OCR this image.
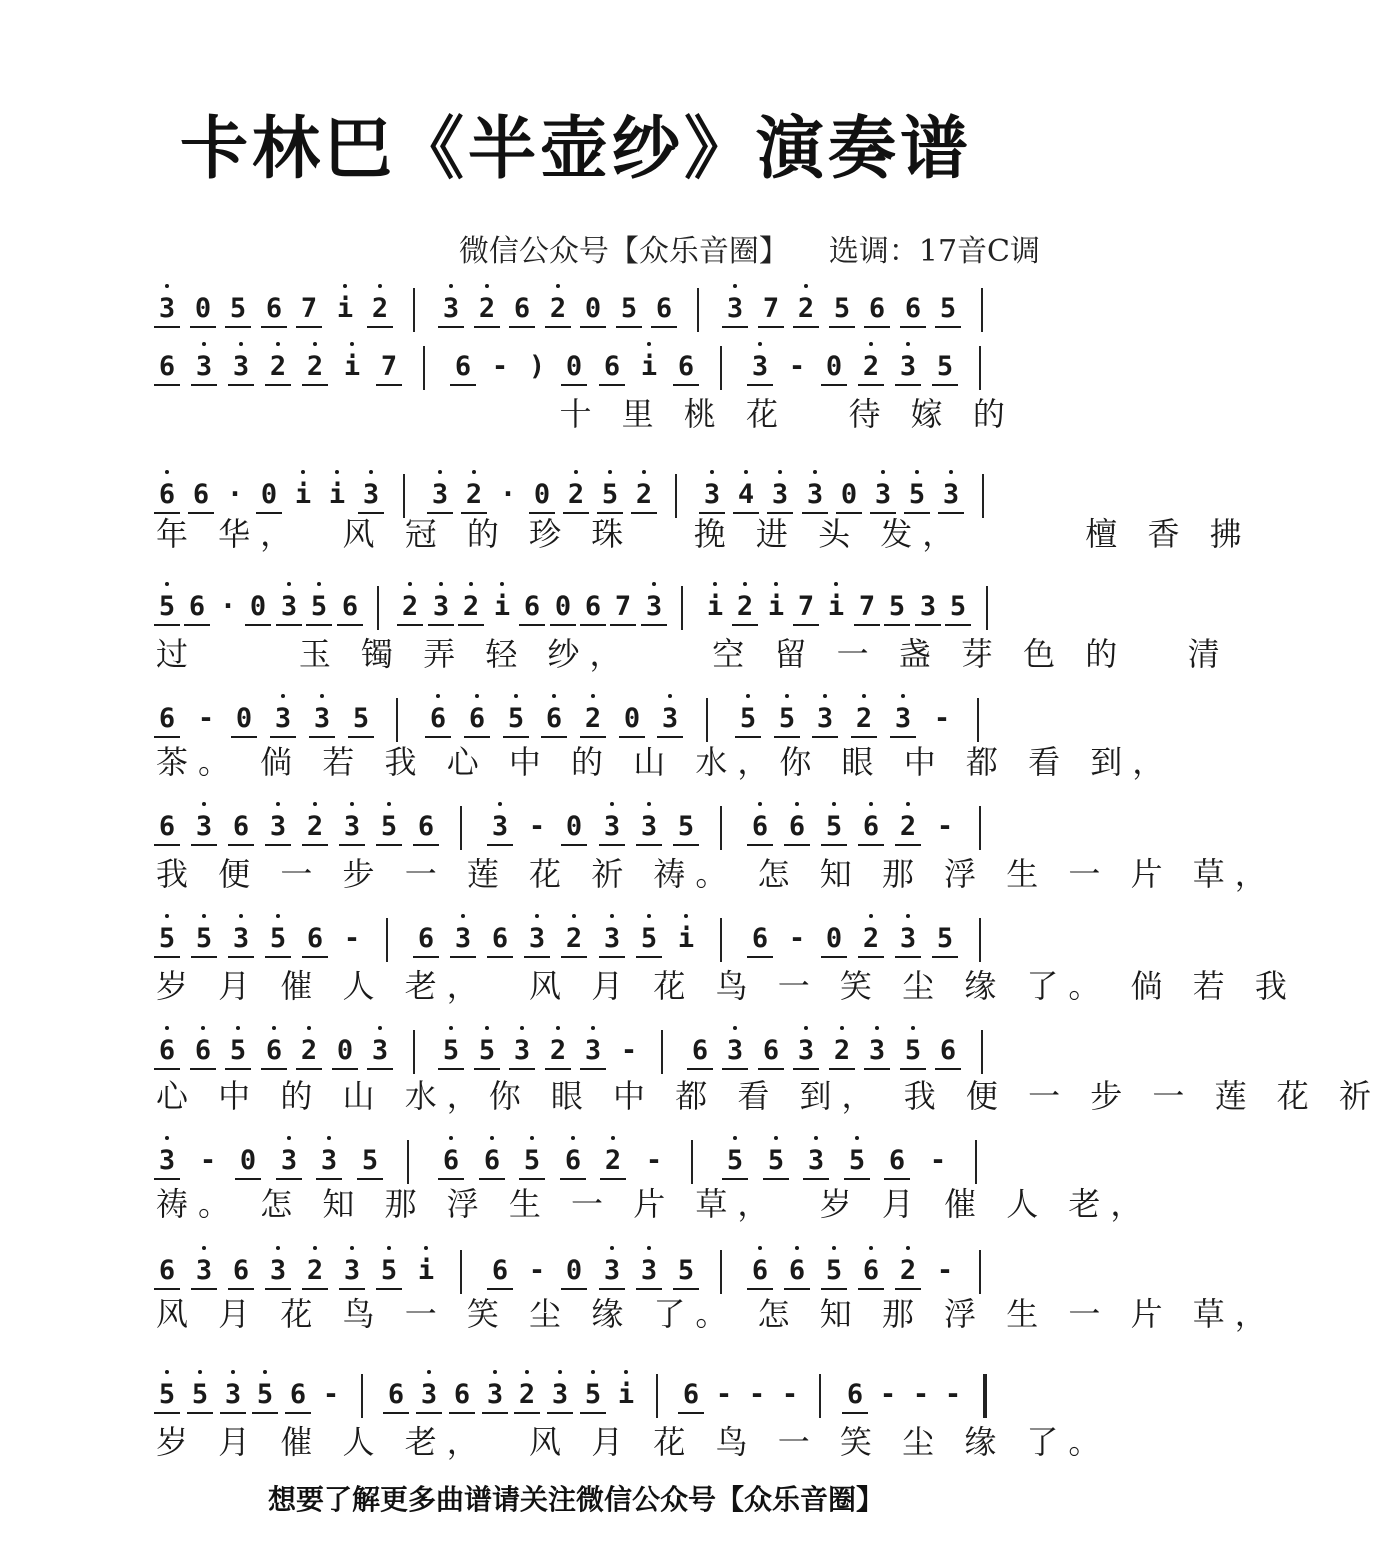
卡林巴《半壶纱》演奏谱
微信公众号【众乐音圈】 选调：17音C调
3 0 5 6 7 i 2 3 2 6 2 0 5 6 3 7 2 5 6 6 5
6 3 3 2 2 i 7 6 - ) 0 6 i 6 3 - 0 2 3 5
十 里 桃 花   待 嫁 的
6 6 · 0 i i 3 3 2 · 0 2 5 2 3 4 3 3 0 3 5 3
年 华，  风 冠 的 珍 珠   挽 进 头 发，      檀 香 拂
5 6 · 0 3 5 6 2 3 2 i 6 0 6 7 3 i 2 i 7 i 7 5 3 5
过     玉 镯 弄 轻 纱，    空 留 一 盏 芽 色 的   清
6 - 0 3 3 5 6 6 5 6 2 0 3 5 5 3 2 3 -
茶。 倘 若 我 心 中 的 山 水，你 眼 中 都 看 到，
6 3 6 3 2 3 5 6 3 - 0 3 3 5 6 6 5 6 2 -
我 便 一 步 一 莲 花 祈 祷。 怎 知 那 浮 生 一 片 草，
5 5 3 5 6 - 6 3 6 3 2 3 5 i 6 - 0 2 3 5
岁 月 催 人 老，  风 月 花 鸟 一 笑 尘 缘 了。 倘 若 我
6 6 5 6 2 0 3 5 5 3 2 3 - 6 3 6 3 2 3 5 6
心 中 的 山 水，你 眼 中 都 看 到， 我 便 一 步 一 莲 花 祈
3 - 0 3 3 5 6 6 5 6 2 - 5 5 3 5 6 -
祷。 怎 知 那 浮 生 一 片 草，  岁 月 催 人 老，
6 3 6 3 2 3 5 i 6 - 0 3 3 5 6 6 5 6 2 -
风 月 花 鸟 一 笑 尘 缘 了。 怎 知 那 浮 生 一 片 草，
5 5 3 5 6 - 6 3 6 3 2 3 5 i 6 - - - 6 - - -
岁 月 催 人 老，  风 月 花 鸟 一 笑 尘 缘 了。
想要了解更多曲谱请关注微信公众号【众乐音圈】
